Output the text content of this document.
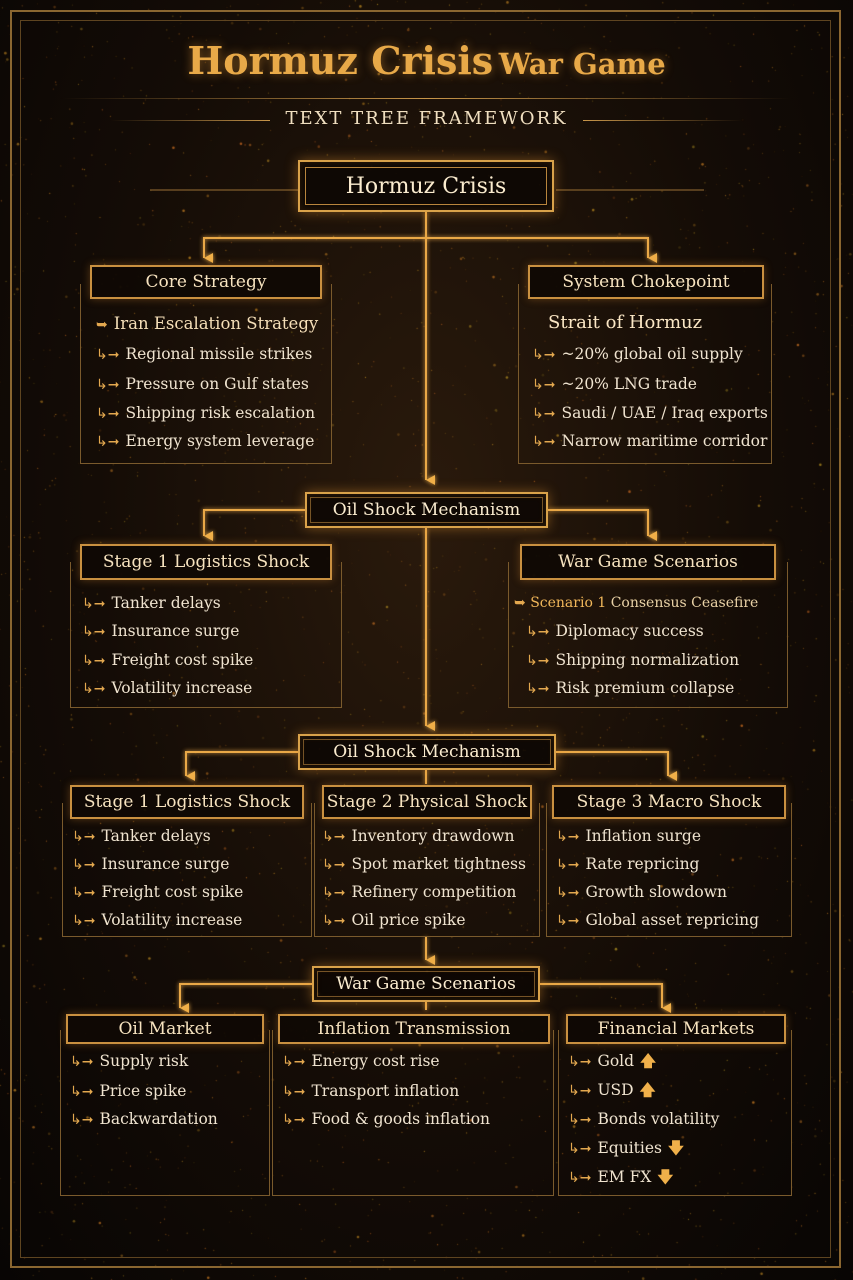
Hormuz Crisis War Game
TEXT TREE FRAMEWORK
Hormuz Crisis
Core Strategy
➥ Iran Escalation Strategy
↳➞ Regional missile strikes
↳➞ Pressure on Gulf states
↳➞ Shipping risk escalation
↳➞ Energy system leverage
System Chokepoint
Strait of Hormuz
↳➞ ~20% global oil supply
↳➞ ~20% LNG trade
↳➞ Saudi / UAE / Iraq exports
↳➞ Narrow maritime corridor
Oil Shock Mechanism
Stage 1 Logistics Shock
↳➞ Tanker delays
↳➞ Insurance surge
↳➞ Freight cost spike
↳➞ Volatility increase
War Game Scenarios
➥ Scenario 1 Consensus Ceasefire
↳➞ Diplomacy success
↳➞ Shipping normalization
↳➞ Risk premium collapse
Oil Shock Mechanism
Stage 1 Logistics Shock
↳➞ Tanker delays
↳➞ Insurance surge
↳➞ Freight cost spike
↳➞ Volatility increase
Stage 2 Physical Shock
↳➞ Inventory drawdown
↳➞ Spot market tightness
↳➞ Refinery competition
↳➞ Oil price spike
Stage 3 Macro Shock
↳➞ Inflation surge
↳➞ Rate repricing
↳➞ Growth slowdown
↳➞ Global asset repricing
War Game Scenarios
Oil Market
↳➞ Supply risk
↳➞ Price spike
↳➞ Backwardation
Inflation Transmission
↳➞ Energy cost rise
↳➞ Transport inflation
↳➞ Food & goods inflation
Financial Markets
↳➞ Gold 🡅
↳➞ USD 🡅
↳➞ Bonds volatility
↳➞ Equities 🡇
↳➞ EM FX 🡇
